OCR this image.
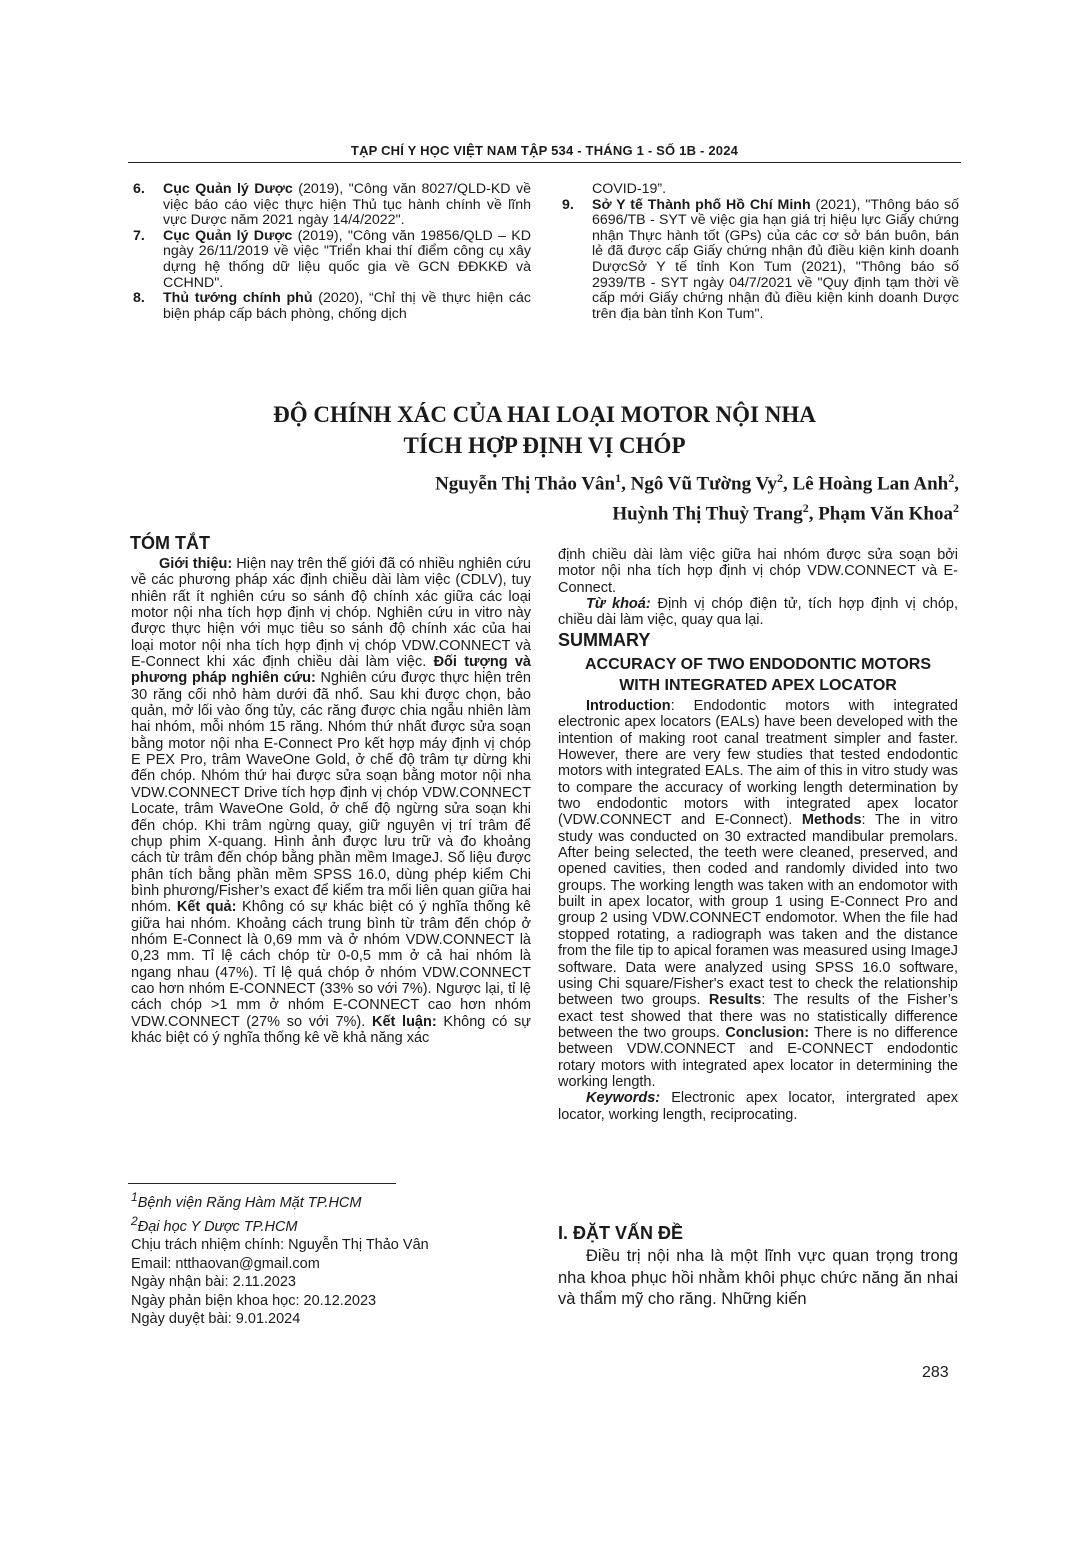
TẠP CHÍ Y HỌC VIỆT NAM TẬP 534 - THÁNG 1 - SỐ 1B - 2024

6. Cục Quản lý Dược (2019), "Công văn 8027/QLD-KD về việc báo cáo việc thực hiện Thủ tục hành chính về lĩnh vực Dược năm 2021 ngày 14/4/2022".

7. Cục Quản lý Dược (2019), "Công văn 19856/QLD – KD ngày 26/11/2019 về việc "Triển khai thí điểm công cụ xây dựng hệ thống dữ liệu quốc gia về GCN ĐĐKKĐ và CCHND".

8. Thủ tướng chính phủ (2020), “Chỉ thị về thực hiện các biện pháp cấp bách phòng, chống dịch

COVID-19”.

9. Sở Y tế Thành phố Hồ Chí Minh (2021), "Thông báo số 6696/TB - SYT về việc gia hạn giá trị hiệu lực Giấy chứng nhận Thực hành tốt (GPs) của các cơ sở bán buôn, bán lẻ đã được cấp Giấy chứng nhận đủ điều kiện kinh doanh DượcSở Y tế tỉnh Kon Tum (2021), "Thông báo số 2939/TB - SYT ngày 04/7/2021 về "Quy định tạm thời về cấp mới Giấy chứng nhận đủ điều kiện kinh doanh Dược trên địa bàn tỉnh Kon Tum".

ĐỘ CHÍNH XÁC CỦA HAI LOẠI MOTOR NỘI NHA
TÍCH HỢP ĐỊNH VỊ CHÓP
Nguyễn Thị Thảo Vân$^1$, Ngô Vũ Tường Vy$^2$, Lê Hoàng Lan Anh$^2$,
Huỳnh Thị Thuỳ Trang$^2$, Phạm Văn Khoa$^2$
TÓM TẮT

Giới thiệu: Hiện nay trên thế giới đã có nhiều nghiên cứu về các phương pháp xác định chiều dài làm việc (CDLV), tuy nhiên rất ít nghiên cứu so sánh độ chính xác giữa các loại motor nội nha tích hợp định vị chóp. Nghiên cứu in vitro này được thực hiện với mục tiêu so sánh độ chính xác của hai loại motor nội nha tích hợp định vị chóp VDW.CONNECT và E-Connect khi xác định chiều dài làm việc. Đối tượng và phương pháp nghiên cứu: Nghiên cứu được thực hiện trên 30 răng cối nhỏ hàm dưới đã nhổ. Sau khi được chọn, bảo quản, mở lối vào ống tủy, các răng được chia ngẫu nhiên làm hai nhóm, mỗi nhóm 15 răng. Nhóm thứ nhất được sửa soạn bằng motor nội nha E-Connect Pro kết hợp máy định vị chóp E PEX Pro, trâm WaveOne Gold, ở chế độ trâm tự dừng khi đến chóp. Nhóm thứ hai được sửa soạn bằng motor nội nha VDW.CONNECT Drive tích hợp định vị chóp VDW.CONNECT Locate, trâm WaveOne Gold, ở chế độ ngừng sửa soạn khi đến chóp. Khi trâm ngừng quay, giữ nguyên vị trí trâm để chụp phim X-quang. Hình ảnh được lưu trữ và đo khoảng cách từ trâm đến chóp bằng phần mềm ImageJ. Số liệu được phân tích bằng phần mềm SPSS 16.0, dùng phép kiểm Chi bình phương/Fisher’s exact để kiểm tra mối liên quan giữa hai nhóm. Kết quả: Không có sự khác biệt có ý nghĩa thống kê giữa hai nhóm. Khoảng cách trung bình từ trâm đến chóp ở nhóm E-Connect là 0,69 mm và ở nhóm VDW.CONNECT là 0,23 mm. Tỉ lệ cách chóp từ 0-0,5 mm ở cả hai nhóm là ngang nhau (47%). Tỉ lệ quá chóp ở nhóm VDW.CONNECT cao hơn nhóm E-CONNECT (33% so với 7%). Ngược lại, tỉ lệ cách chóp >1 mm ở nhóm E-CONNECT cao hơn nhóm VDW.CONNECT (27% so với 7%). Kết luận: Không có sự khác biệt có ý nghĩa thống kê về khả năng xác

định chiều dài làm việc giữa hai nhóm được sửa soạn bởi motor nội nha tích hợp định vị chóp VDW.CONNECT và E-Connect.

Từ khoá: Định vị chóp điện tử, tích hợp định vị chóp, chiều dài làm việc, quay qua lại.

SUMMARY
ACCURACY OF TWO ENDODONTIC MOTORS
WITH INTEGRATED APEX LOCATOR

Introduction: Endodontic motors with integrated electronic apex locators (EALs) have been developed with the intention of making root canal treatment simpler and faster. However, there are very few studies that tested endodontic motors with integrated EALs. The aim of this in vitro study was to compare the accuracy of working length determination by two endodontic motors with integrated apex locator (VDW.CONNECT and E-Connect). Methods: The in vitro study was conducted on 30 extracted mandibular premolars. After being selected, the teeth were cleaned, preserved, and opened cavities, then coded and randomly divided into two groups. The working length was taken with an endomotor with built in apex locator, with group 1 using E-Connect Pro and group 2 using VDW.CONNECT endomotor. When the file had stopped rotating, a radiograph was taken and the distance from the file tip to apical foramen was measured using ImageJ software. Data were analyzed using SPSS 16.0 software, using Chi square/Fisher's exact test to check the relationship between two groups. Results: The results of the Fisher’s exact test showed that there was no statistically difference between the two groups. Conclusion: There is no difference between VDW.CONNECT and E-CONNECT endodontic rotary motors with integrated apex locator in determining the working length.

Keywords: Electronic apex locator, intergrated apex locator, working length, reciprocating.

I. ĐẶT VẤN ĐỀ

Điều trị nội nha là một lĩnh vực quan trọng trong nha khoa phục hồi nhằm khôi phục chức năng ăn nhai và thẩm mỹ cho răng. Những kiến

$^1$Bệnh viện Răng Hàm Mặt TP.HCM
$^2$Đại học Y Dược TP.HCM
Chịu trách nhiệm chính: Nguyễn Thị Thảo Vân
Email: ntthaovan@gmail.com
Ngày nhận bài: 2.11.2023
Ngày phản biện khoa học: 20.12.2023
Ngày duyệt bài: 9.01.2024
283
